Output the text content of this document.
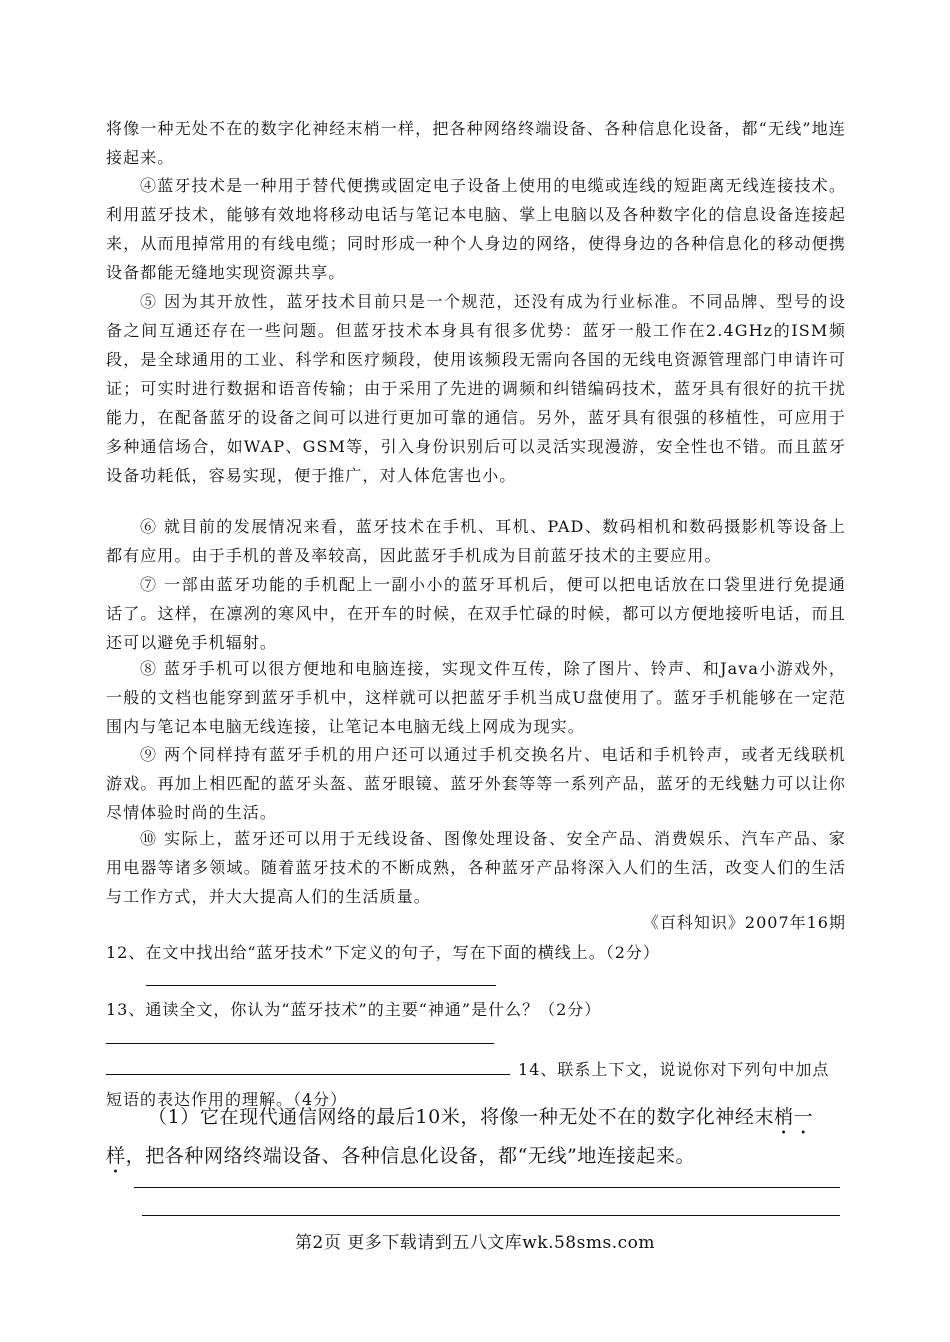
将像一种无处不在的数字化神经末梢一样，把各种网络终端设备、各种信息化设备，都“无线”地连接起来。

④蓝牙技术是一种用于替代便携或固定电子设备上使用的电缆或连线的短距离无线连接技术。利用蓝牙技术，能够有效地将移动电话与笔记本电脑、掌上电脑以及各种数字化的信息设备连接起来，从而甩掉常用的有线电缆；同时形成一种个人身边的网络，使得身边的各种信息化的移动便携设备都能无缝地实现资源共享。

⑤ 因为其开放性，蓝牙技术目前只是一个规范，还没有成为行业标准。不同品牌、型号的设备之间互通还存在一些问题。但蓝牙技术本身具有很多优势：蓝牙一般工作在2.4GHz的ISM频段，是全球通用的工业、科学和医疗频段，使用该频段无需向各国的无线电资源管理部门申请许可证；可实时进行数据和语音传输；由于采用了先进的调频和纠错编码技术，蓝牙具有很好的抗干扰能力，在配备蓝牙的设备之间可以进行更加可靠的通信。另外，蓝牙具有很强的移植性，可应用于多种通信场合，如WAP、GSM等，引入身份识别后可以灵活实现漫游，安全性也不错。而且蓝牙设备功耗低，容易实现，便于推广，对人体危害也小。

⑥ 就目前的发展情况来看，蓝牙技术在手机、耳机、PAD、数码相机和数码摄影机等设备上都有应用。由于手机的普及率较高，因此蓝牙手机成为目前蓝牙技术的主要应用。

⑦ 一部由蓝牙功能的手机配上一副小小的蓝牙耳机后，便可以把电话放在口袋里进行免提通话了。这样，在凛冽的寒风中，在开车的时候，在双手忙碌的时候，都可以方便地接听电话，而且还可以避免手机辐射。

⑧ 蓝牙手机可以很方便地和电脑连接，实现文件互传，除了图片、铃声、和Java小游戏外，一般的文档也能穿到蓝牙手机中，这样就可以把蓝牙手机当成U盘使用了。蓝牙手机能够在一定范围内与笔记本电脑无线连接，让笔记本电脑无线上网成为现实。

⑨ 两个同样持有蓝牙手机的用户还可以通过手机交换名片、电话和手机铃声，或者无线联机游戏。再加上相匹配的蓝牙头盔、蓝牙眼镜、蓝牙外套等等一系列产品，蓝牙的无线魅力可以让你尽情体验时尚的生活。

⑩ 实际上，蓝牙还可以用于无线设备、图像处理设备、安全产品、消费娱乐、汽车产品、家用电器等诸多领域。随着蓝牙技术的不断成熟，各种蓝牙产品将深入人们的生活，改变人们的生活与工作方式，并大大提高人们的生活质量。

《百科知识》2007年16期
12、在文中找出给“蓝牙技术”下定义的句子，写在下面的横线上。（2分）
13、通读全文，你认为“蓝牙技术”的主要“神通”是什么？（2分）
14、联系上下文，说说你对下列句中加点短语的表达作用的理解。（4分）
（1）它在现代通信网络的最后10米，将像一种无处不在的数字化神经末梢一样，把各种网络终端设备、各种信息化设备，都“无线”地连接起来。
第2页 更多下载请到五八文库wk.58sms.com
